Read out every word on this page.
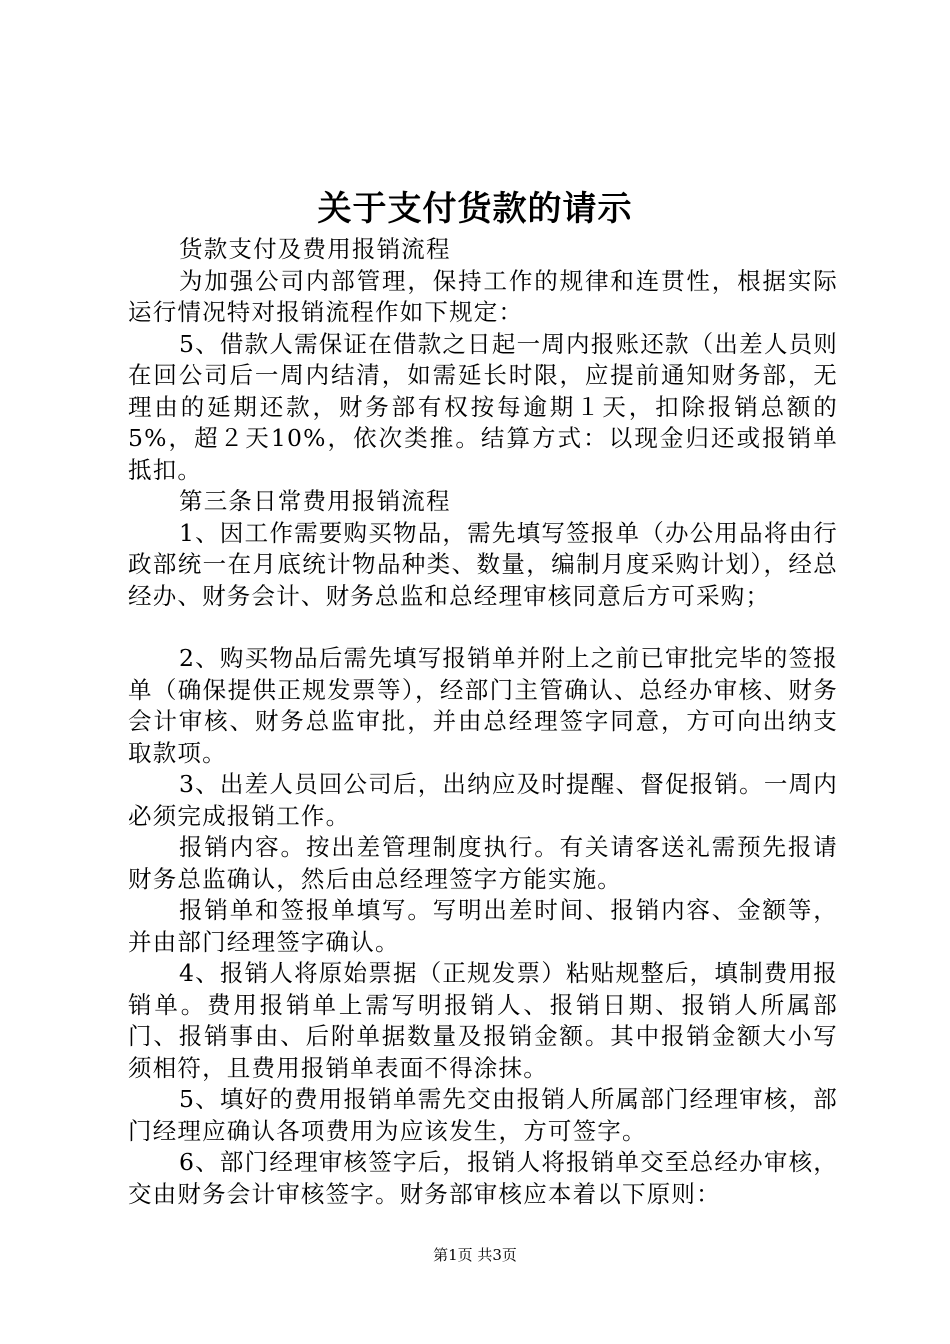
关于支付货款的请示

货款支付及费用报销流程

为加强公司内部管理，保持工作的规律和连贯性，根据实际运行情况特对报销流程作如下规定：

5、借款人需保证在借款之日起一周内报账还款（出差人员则在回公司后一周内结清，如需延长时限，应提前通知财务部，无理由的延期还款，财务部有权按每逾期１天，扣除报销总额的5%，超２天10%，依次类推。结算方式：以现金归还或报销单抵扣。

第三条日常费用报销流程

1、因工作需要购买物品，需先填写签报单（办公用品将由行政部统一在月底统计物品种类、数量，编制月度采购计划），经总经办、财务会计、财务总监和总经理审核同意后方可采购；

2、购买物品后需先填写报销单并附上之前已审批完毕的签报单（确保提供正规发票等），经部门主管确认、总经办审核、财务会计审核、财务总监审批，并由总经理签字同意，方可向出纳支取款项。

3、出差人员回公司后，出纳应及时提醒、督促报销。一周内必须完成报销工作。

报销内容。按出差管理制度执行。有关请客送礼需预先报请财务总监确认，然后由总经理签字方能实施。

报销单和签报单填写。写明出差时间、报销内容、金额等，并由部门经理签字确认。

4、报销人将原始票据（正规发票）粘贴规整后，填制费用报销单。费用报销单上需写明报销人、报销日期、报销人所属部门、报销事由、后附单据数量及报销金额。其中报销金额大小写须相符，且费用报销单表面不得涂抹。

5、填好的费用报销单需先交由报销人所属部门经理审核，部门经理应确认各项费用为应该发生，方可签字。

6、部门经理审核签字后，报销人将报销单交至总经办审核，交由财务会计审核签字。财务部审核应本着以下原则：

第1页 共3页
